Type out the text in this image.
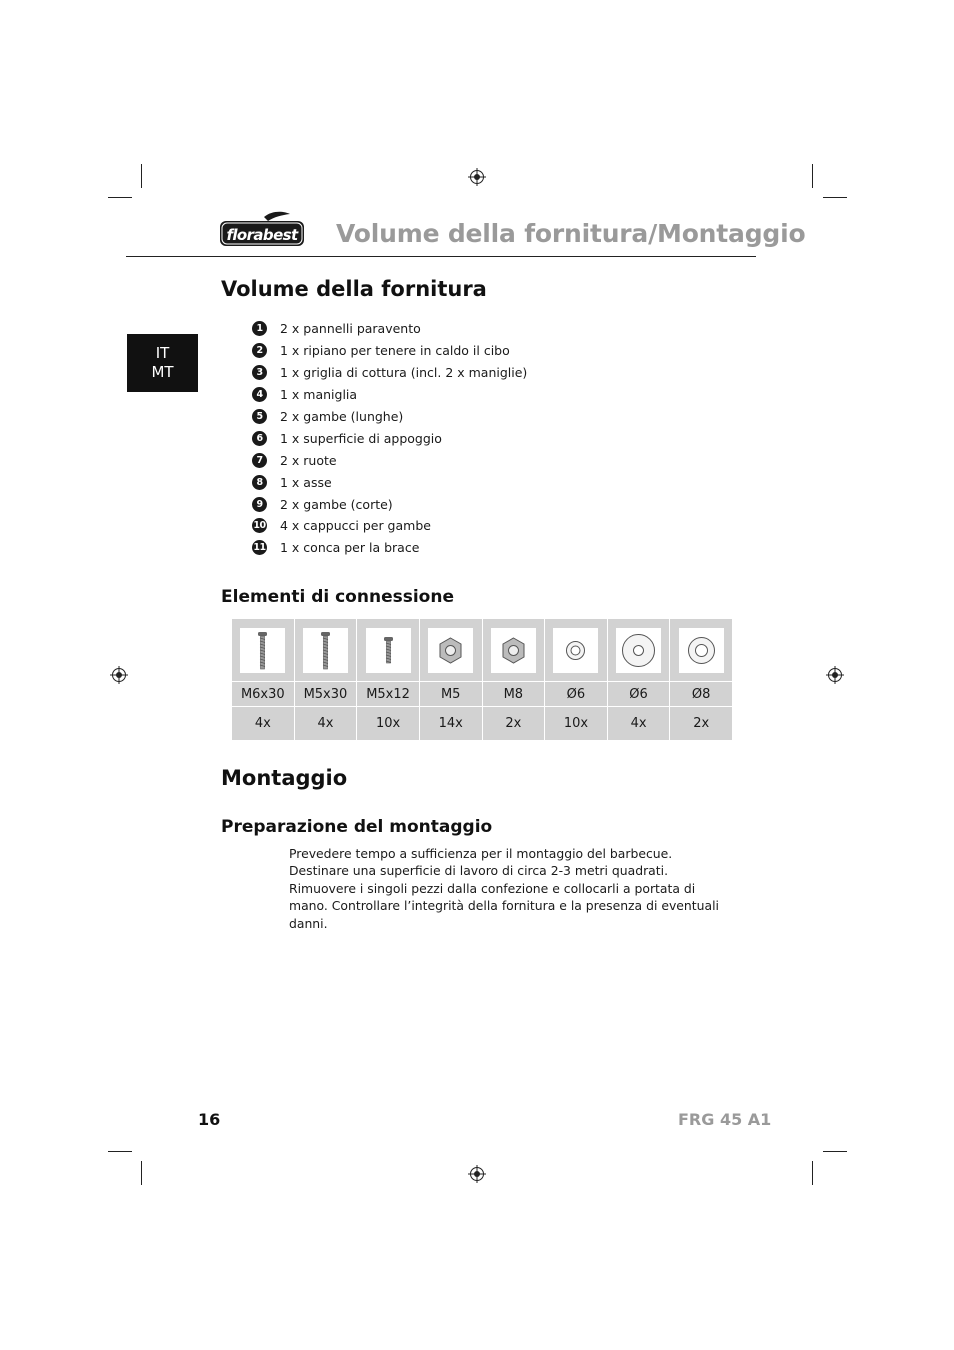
florabest Volume della fornitura/Montaggio
IT
MT
Volume della fornitura
1	2 x pannelli paravento
2	1 x ripiano per tenere in caldo il cibo
3	1 x griglia di cottura (incl. 2 x maniglie)
4	1 x maniglia
5	2 x gambe (lunghe)
6	1 x superficie di appoggio
7	2 x ruote
8	1 x asse
9	2 x gambe (corte)
10 4 x cappucci per gambe
11 1 x conca per la brace
Elementi di connessione

M6x30	M5x30	M5x12	M5	M8	Ø6	Ø6	Ø8
4x	4x	10x	14x	2x	10x	4x	2x
Montaggio
Preparazione del montaggio
Prevedere tempo a sufficienza per il montaggio del barbecue. Destinare una superficie di lavoro di circa 2-3 metri quadrati. Rimuovere i singoli pezzi dalla confezione e collocarli a portata di mano. Controllare l’integrità della fornitura e la presenza di eventuali danni.
16	FRG 45 A1
